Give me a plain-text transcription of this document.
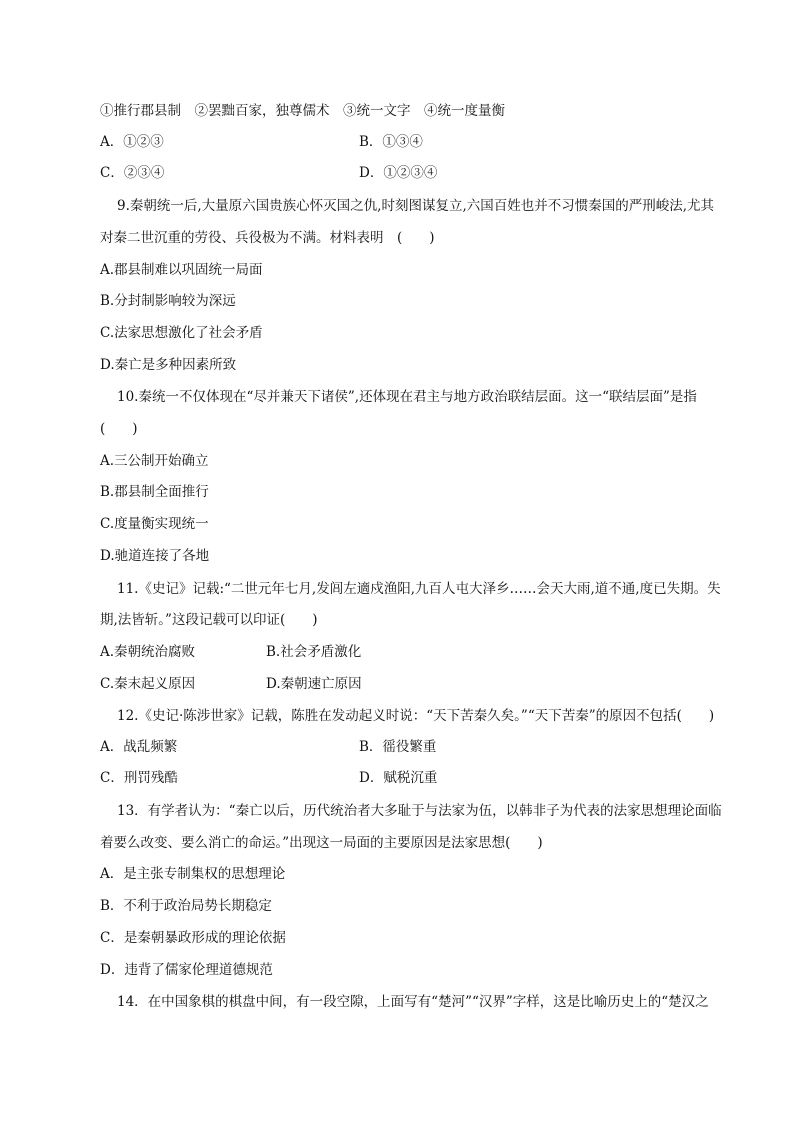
①推行郡县制　②罢黜百家，独尊儒术　③统一文字　④统一度量衡
A．①②③	B．①③④
C．②③④	D．①②③④
9.秦朝统一后,大量原六国贵族心怀灭国之仇,时刻图谋复立,六国百姓也并不习惯秦国的严刑峻法,尤其
对秦二世沉重的劳役、兵役极为不满。材料表明　(　　)
A.郡县制难以巩固统一局面
B.分封制影响较为深远
C.法家思想激化了社会矛盾
D.秦亡是多种因素所致
10.秦统一不仅体现在“尽并兼天下诸侯”,还体现在君主与地方政治联结层面。这一“联结层面”是指
(　　)
A.三公制开始确立
B.郡县制全面推行
C.度量衡实现统一
D.驰道连接了各地
11.《史记》记载:“二世元年七月,发闾左適戍渔阳,九百人屯大泽乡……会天大雨,道不通,度已失期。失
期,法皆斩。”这段记载可以印证(　　)
A.秦朝统治腐败	B.社会矛盾激化
C.秦末起义原因	D.秦朝速亡原因
12.《史记·陈涉世家》记载，陈胜在发动起义时说：“天下苦秦久矣。”“天下苦秦”的原因不包括(　　)
A．战乱频繁	B．徭役繁重
C．刑罚残酷	D．赋税沉重
13．有学者认为：“秦亡以后，历代统治者大多耻于与法家为伍，以韩非子为代表的法家思想理论面临
着要么改变、要么消亡的命运。”出现这一局面的主要原因是法家思想(　　)
A．是主张专制集权的思想理论
B．不利于政治局势长期稳定
C．是秦朝暴政形成的理论依据
D．违背了儒家伦理道德规范
14．在中国象棋的棋盘中间，有一段空隙，上面写有“楚河”“汉界”字样，这是比喻历史上的“楚汉之
